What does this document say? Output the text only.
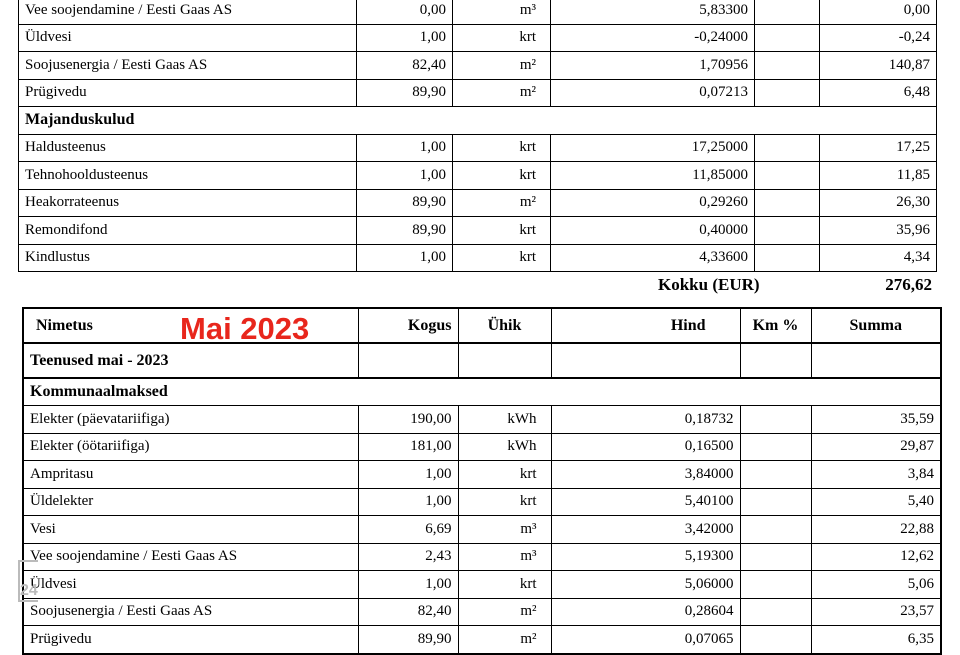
Vee soojendamine / Eesti Gaas AS	0,00	m³	5,83300		0,00
Üldvesi	1,00	krt	-0,24000		-0,24
Soojusenergia / Eesti Gaas AS	82,40	m²	1,70956		140,87
Prügivedu	89,90	m²	0,07213		6,48
Majanduskulud					
Haldusteenus	1,00	krt	17,25000		17,25
Tehnohooldusteenus	1,00	krt	11,85000		11,85
Heakorrateenus	89,90	m²	0,29260		26,30
Remondifond	89,90	krt	0,40000		35,96
Kindlustus	1,00	krt	4,33600		4,34
Kokku (EUR)	276,62
Nimetus	Kogus	Ühik	Hind	Km %	Summa
Teenused mai - 2023					
Kommunaalmaksed					
Elekter (päevatariifiga)	190,00	kWh	0,18732		35,59
Elekter (öötariifiga)	181,00	kWh	0,16500		29,87
Ampritasu	1,00	krt	3,84000		3,84
Üldelekter	1,00	krt	5,40100		5,40
Vesi	6,69	m³	3,42000		22,88
Vee soojendamine / Eesti Gaas AS	2,43	m³	5,19300		12,62
Üldvesi	1,00	krt	5,06000		5,06
Soojusenergia / Eesti Gaas AS	82,40	m²	0,28604		23,57
Prügivedu	89,90	m²	0,07065		6,35
Mai 2023
24
